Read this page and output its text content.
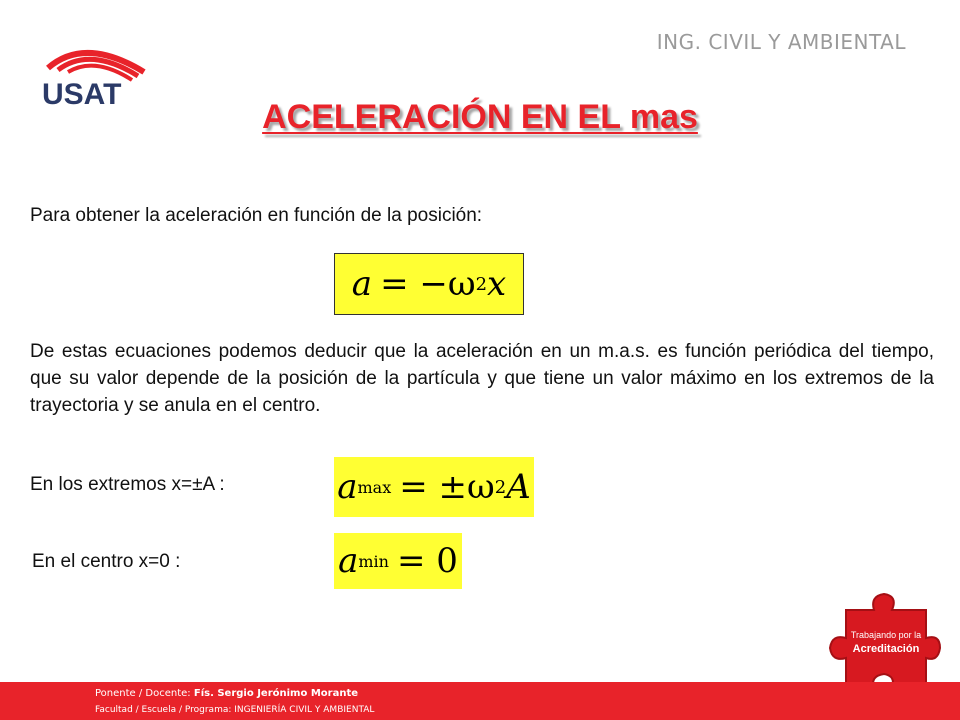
USAT
ING. CIVIL Y AMBIENTAL
ACELERACIÓN EN EL mas
Para obtener la aceleración en función de la posición:
a = −ω 2 x
De estas ecuaciones podemos deducir que la aceleración en un m.a.s. es función periódica del tiempo, que su valor depende de la posición de la partícula y que tiene un valor máximo en los extremos de la trayectoria y se anula en el centro.
En los extremos x=±A :	a max = ±ω 2 A
En el centro x=0 :	a min = 0
Trabajando por la
Acreditación
Ponente / Docente: Fís. Sergio Jerónimo Morante
Facultad / Escuela / Programa: INGENIERÍA CIVIL Y AMBIENTAL
